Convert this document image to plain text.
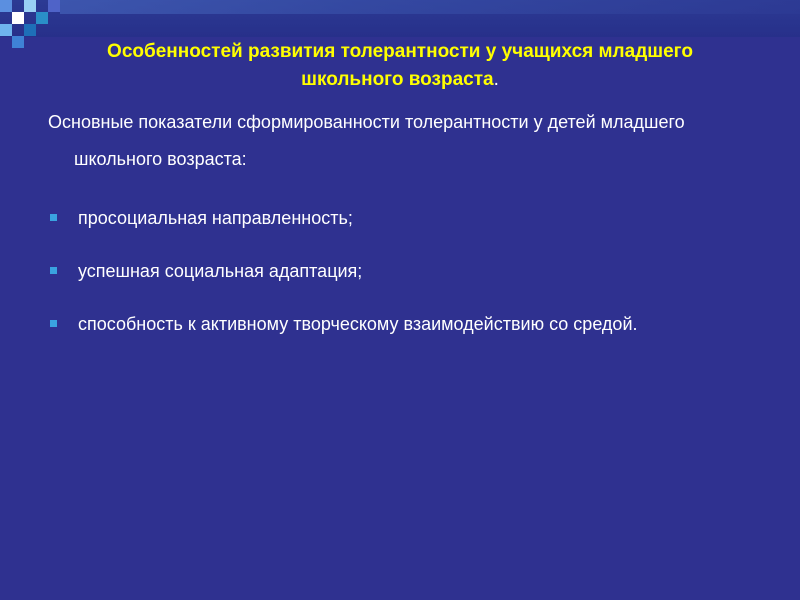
Особенностей развития толерантности у учащихся младшего
школьного возраста.

Основные показатели сформированности толерантности у детей младшего школьного возраста:

просоциальная направленность;
успешная социальная адаптация;
способность к активному творческому взаимодействию со средой.
